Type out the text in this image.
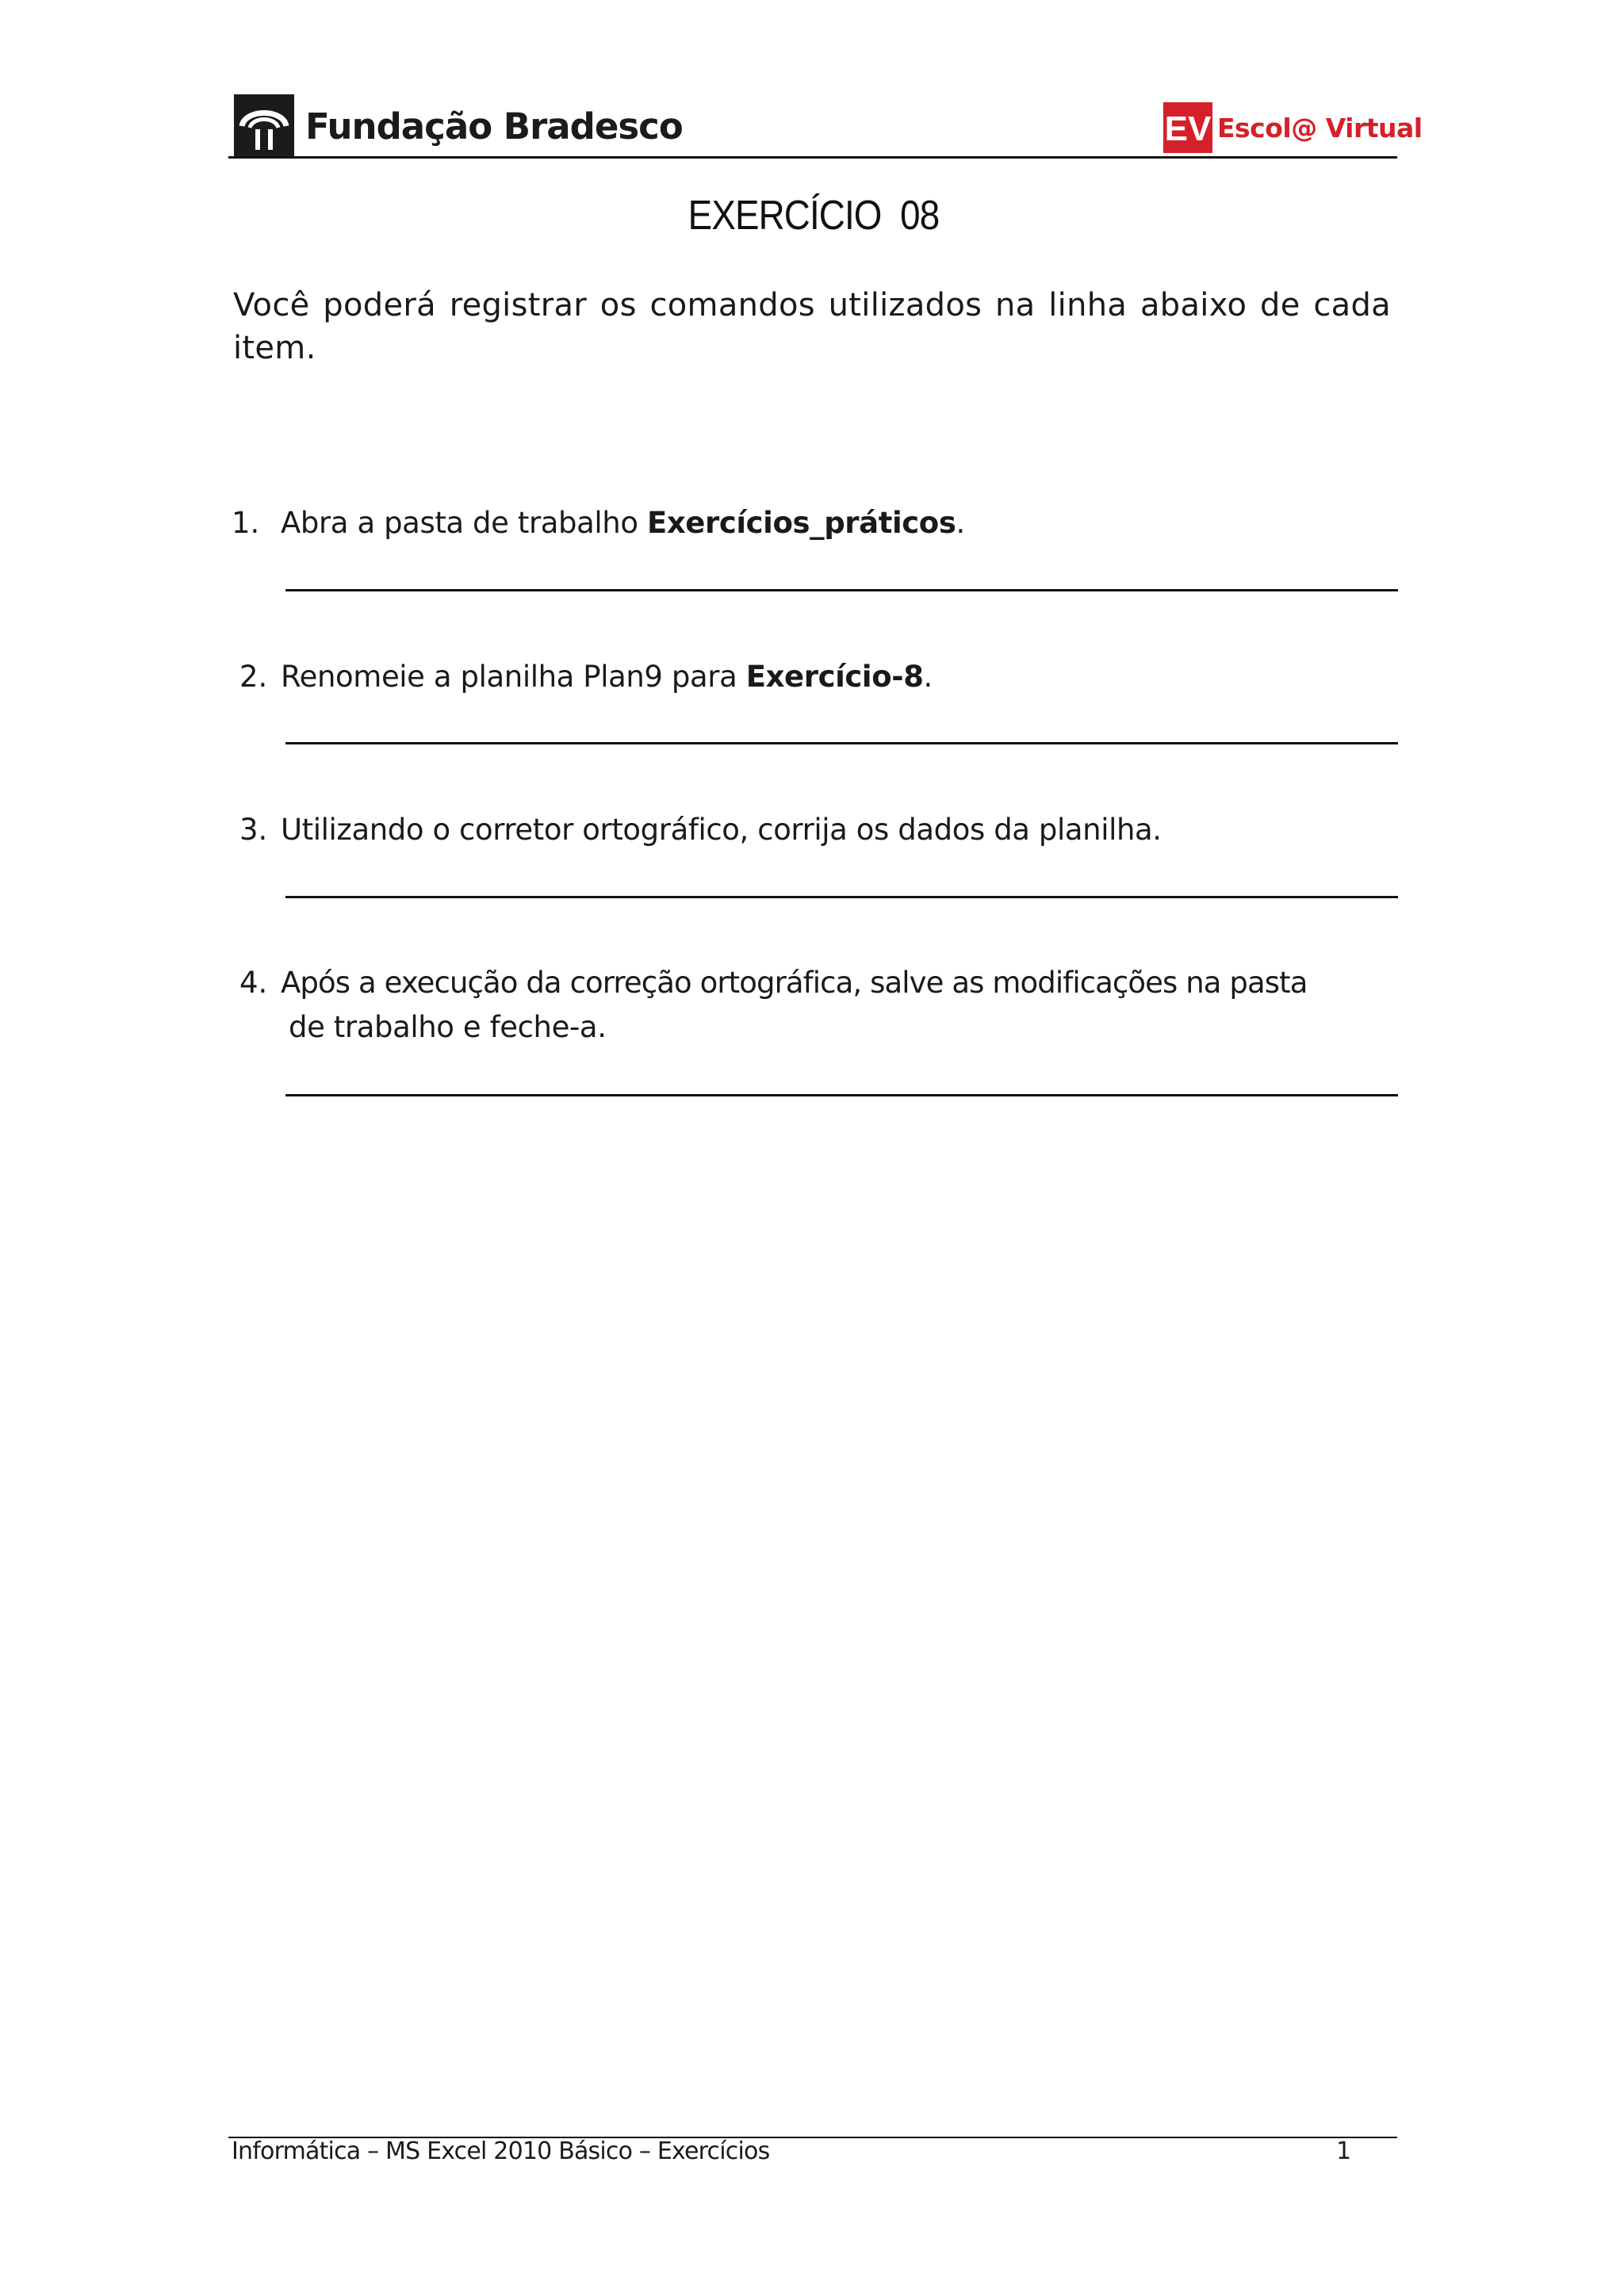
Fundação Bradesco	EV Escol@ Virtual
EXERCÍCIO  08

Você poderá registrar os comandos utilizados na linha abaixo de cada item.

1. Abra a pasta de trabalho Exercícios_práticos.

2. Renomeie a planilha Plan9 para Exercício-8.

3. Utilizando o corretor ortográfico, corrija os dados da planilha.

4. Após a execução da correção ortográfica, salve as modificações na pasta
de trabalho e feche-a.

Informática – MS Excel 2010 Básico – Exercícios	1
